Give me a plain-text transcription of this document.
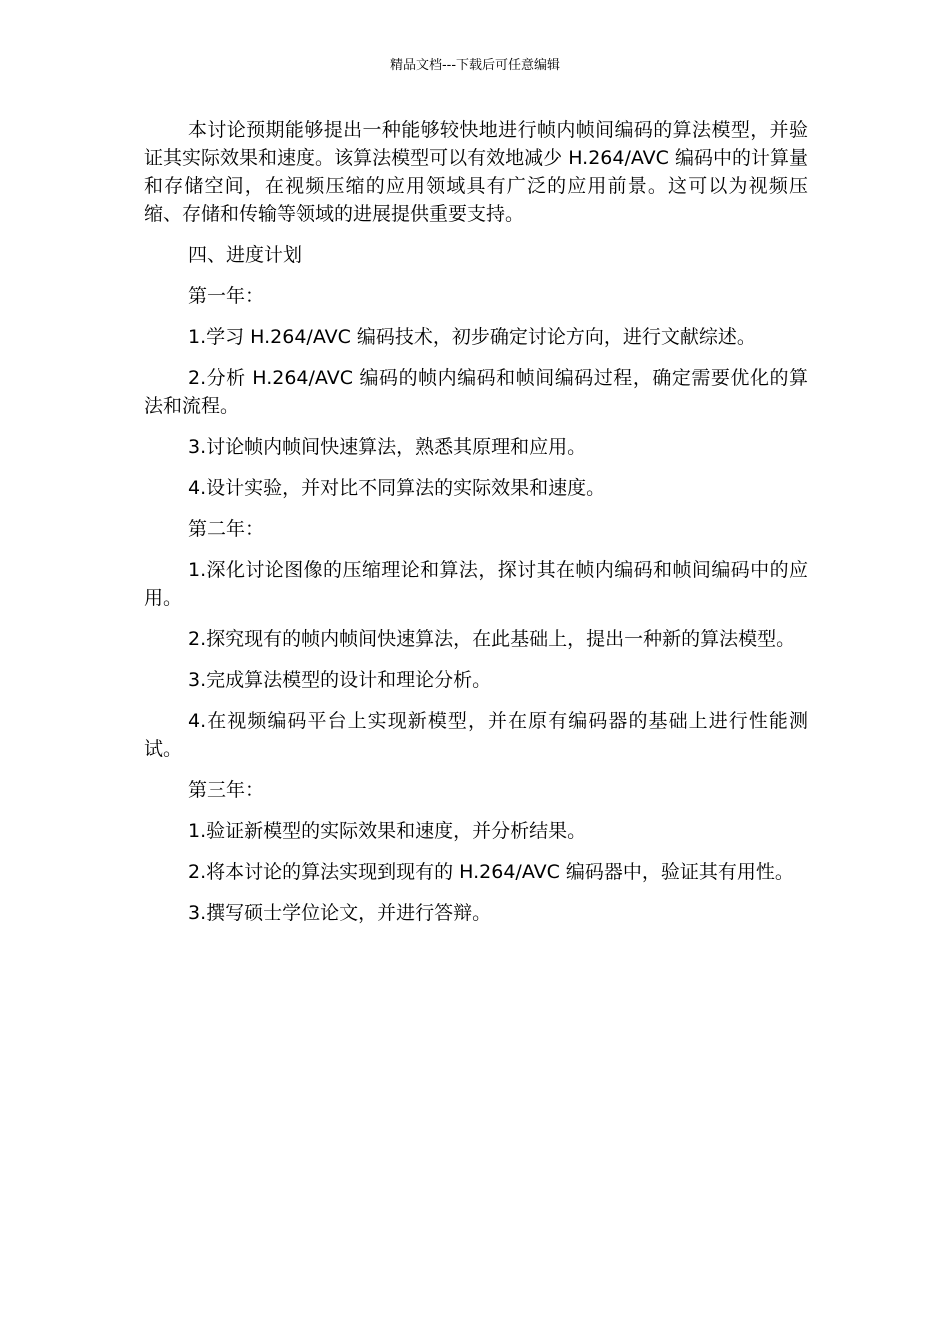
精品文档---下载后可任意编辑

本讨论预期能够提出一种能够较快地进行帧内帧间编码的算法模型，并验证其实际效果和速度。该算法模型可以有效地减少 H.264/AVC 编码中的计算量和存储空间，在视频压缩的应用领域具有广泛的应用前景。这可以为视频压缩、存储和传输等领域的进展提供重要支持。

四、进度计划

第一年：

1.学习 H.264/AVC 编码技术，初步确定讨论方向，进行文献综述。

2.分析 H.264/AVC 编码的帧内编码和帧间编码过程，确定需要优化的算法和流程。

3.讨论帧内帧间快速算法，熟悉其原理和应用。

4.设计实验，并对比不同算法的实际效果和速度。

第二年：

1.深化讨论图像的压缩理论和算法，探讨其在帧内编码和帧间编码中的应用。

2.探究现有的帧内帧间快速算法，在此基础上，提出一种新的算法模型。

3.完成算法模型的设计和理论分析。

4.在视频编码平台上实现新模型，并在原有编码器的基础上进行性能测试。

第三年：

1.验证新模型的实际效果和速度，并分析结果。

2.将本讨论的算法实现到现有的 H.264/AVC 编码器中，验证其有用性。

3.撰写硕士学位论文，并进行答辩。
